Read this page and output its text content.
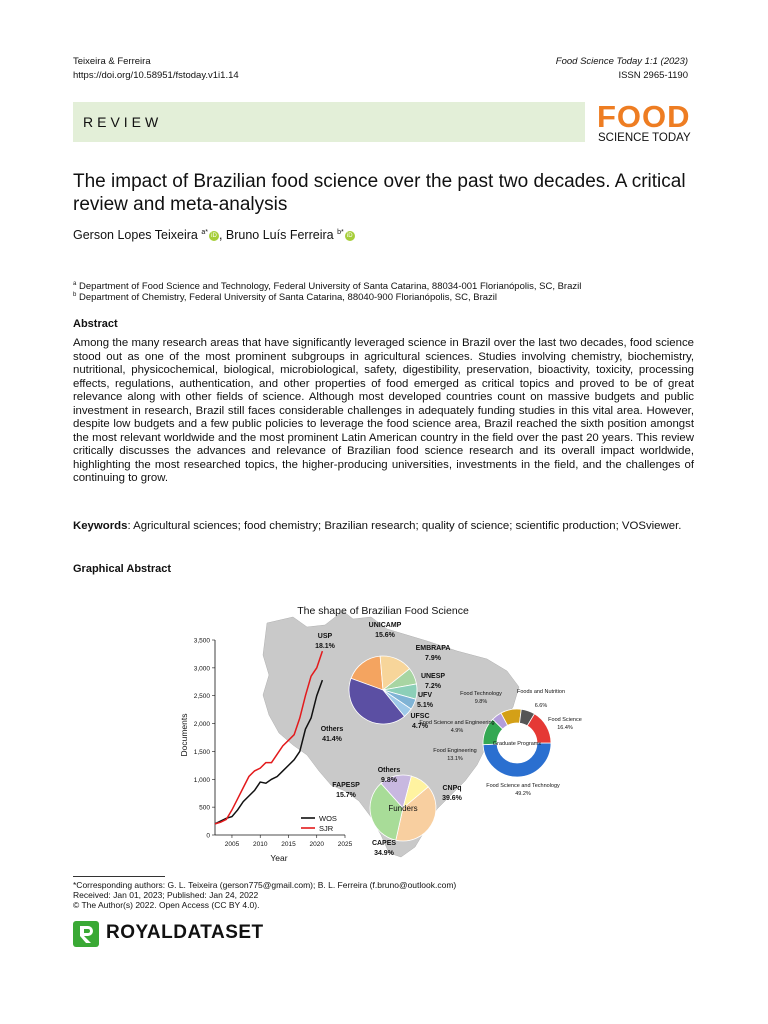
Teixeira & Ferreira
https://doi.org/10.58951/fstoday.v1i1.14
Food Science Today 1:1 (2023)
ISSN 2965-1190
REVIEW	FOOD
SCIENCE TODAY
The impact of Brazilian food science over the past two decades. A critical review and meta-analysis
Gerson Lopes Teixeira $^{a*}$ iD , Bruno Luís Ferreira $^{b*}$ iD
$^a$ Department of Food Science and Technology, Federal University of Santa Catarina, 88034-001 Florianópolis, SC, Brazil
$^b$ Department of Chemistry, Federal University of Santa Catarina, 88040-900 Florianópolis, SC, Brazil
Abstract
Among the many research areas that have significantly leveraged science in Brazil over the last two decades, food science stood out as one of the most prominent subgroups in agricultural sciences. Studies involving chemistry, biochemistry, nutritional, physicochemical, biological, microbiological, safety, digestibility, preservation, bioactivity, toxicity, processing effects, regulations, authentication, and other properties of food emerged as critical topics and proved to be of great relevance along with other fields of science. Although most developed countries count on massive budgets and public investment in research, Brazil still faces considerable challenges in adequately funding studies in this vital area. However, despite low budgets and a few public policies to leverage the food science area, Brazil reached the sixth position amongst the most relevant worldwide and the most prominent Latin American country in the field over the past 20 years. This review critically discusses the advances and relevance of Brazilian food science research and its overall impact worldwide, highlighting the most researched topics, the higher-producing universities, investments in the field, and the challenges of continuing to grow.
Keywords: Agricultural sciences; food chemistry; Brazilian research; quality of science; scientific production; VOSviewer.
Graphical Abstract
The shape of Brazilian Food Science
3,500
3,000
2,500
2,000
1,500
1,000
500
0
2005 2010 2015 2020 2025
Documents
Year
WOS
SJR
USP
18.1%
UNICAMP
15.6%
EMBRAPA
7.9%
UNESP
7.2%
UFV
5.1%
UFSC
4.7%
Others
41.4%
Funders
CNPq
39.6%
CAPES
34.9%
FAPESP
15.7%
Others
9.8%
Graduate Programs
Food Science and Technology
49.2%
Food Engineering
13.1%
Food Science and Engineering
4.9%
Food Technology
9.8%
Foods and Nutrition
6.6%
Food Science
16.4%
*Corresponding authors: G. L. Teixeira (gerson775@gmail.com); B. L. Ferreira (f.bruno@outlook.com)
Received: Jan 01, 2023; Published: Jan 24, 2022
© The Author(s) 2022. Open Access (CC BY 4.0).
ROYALDATASET
